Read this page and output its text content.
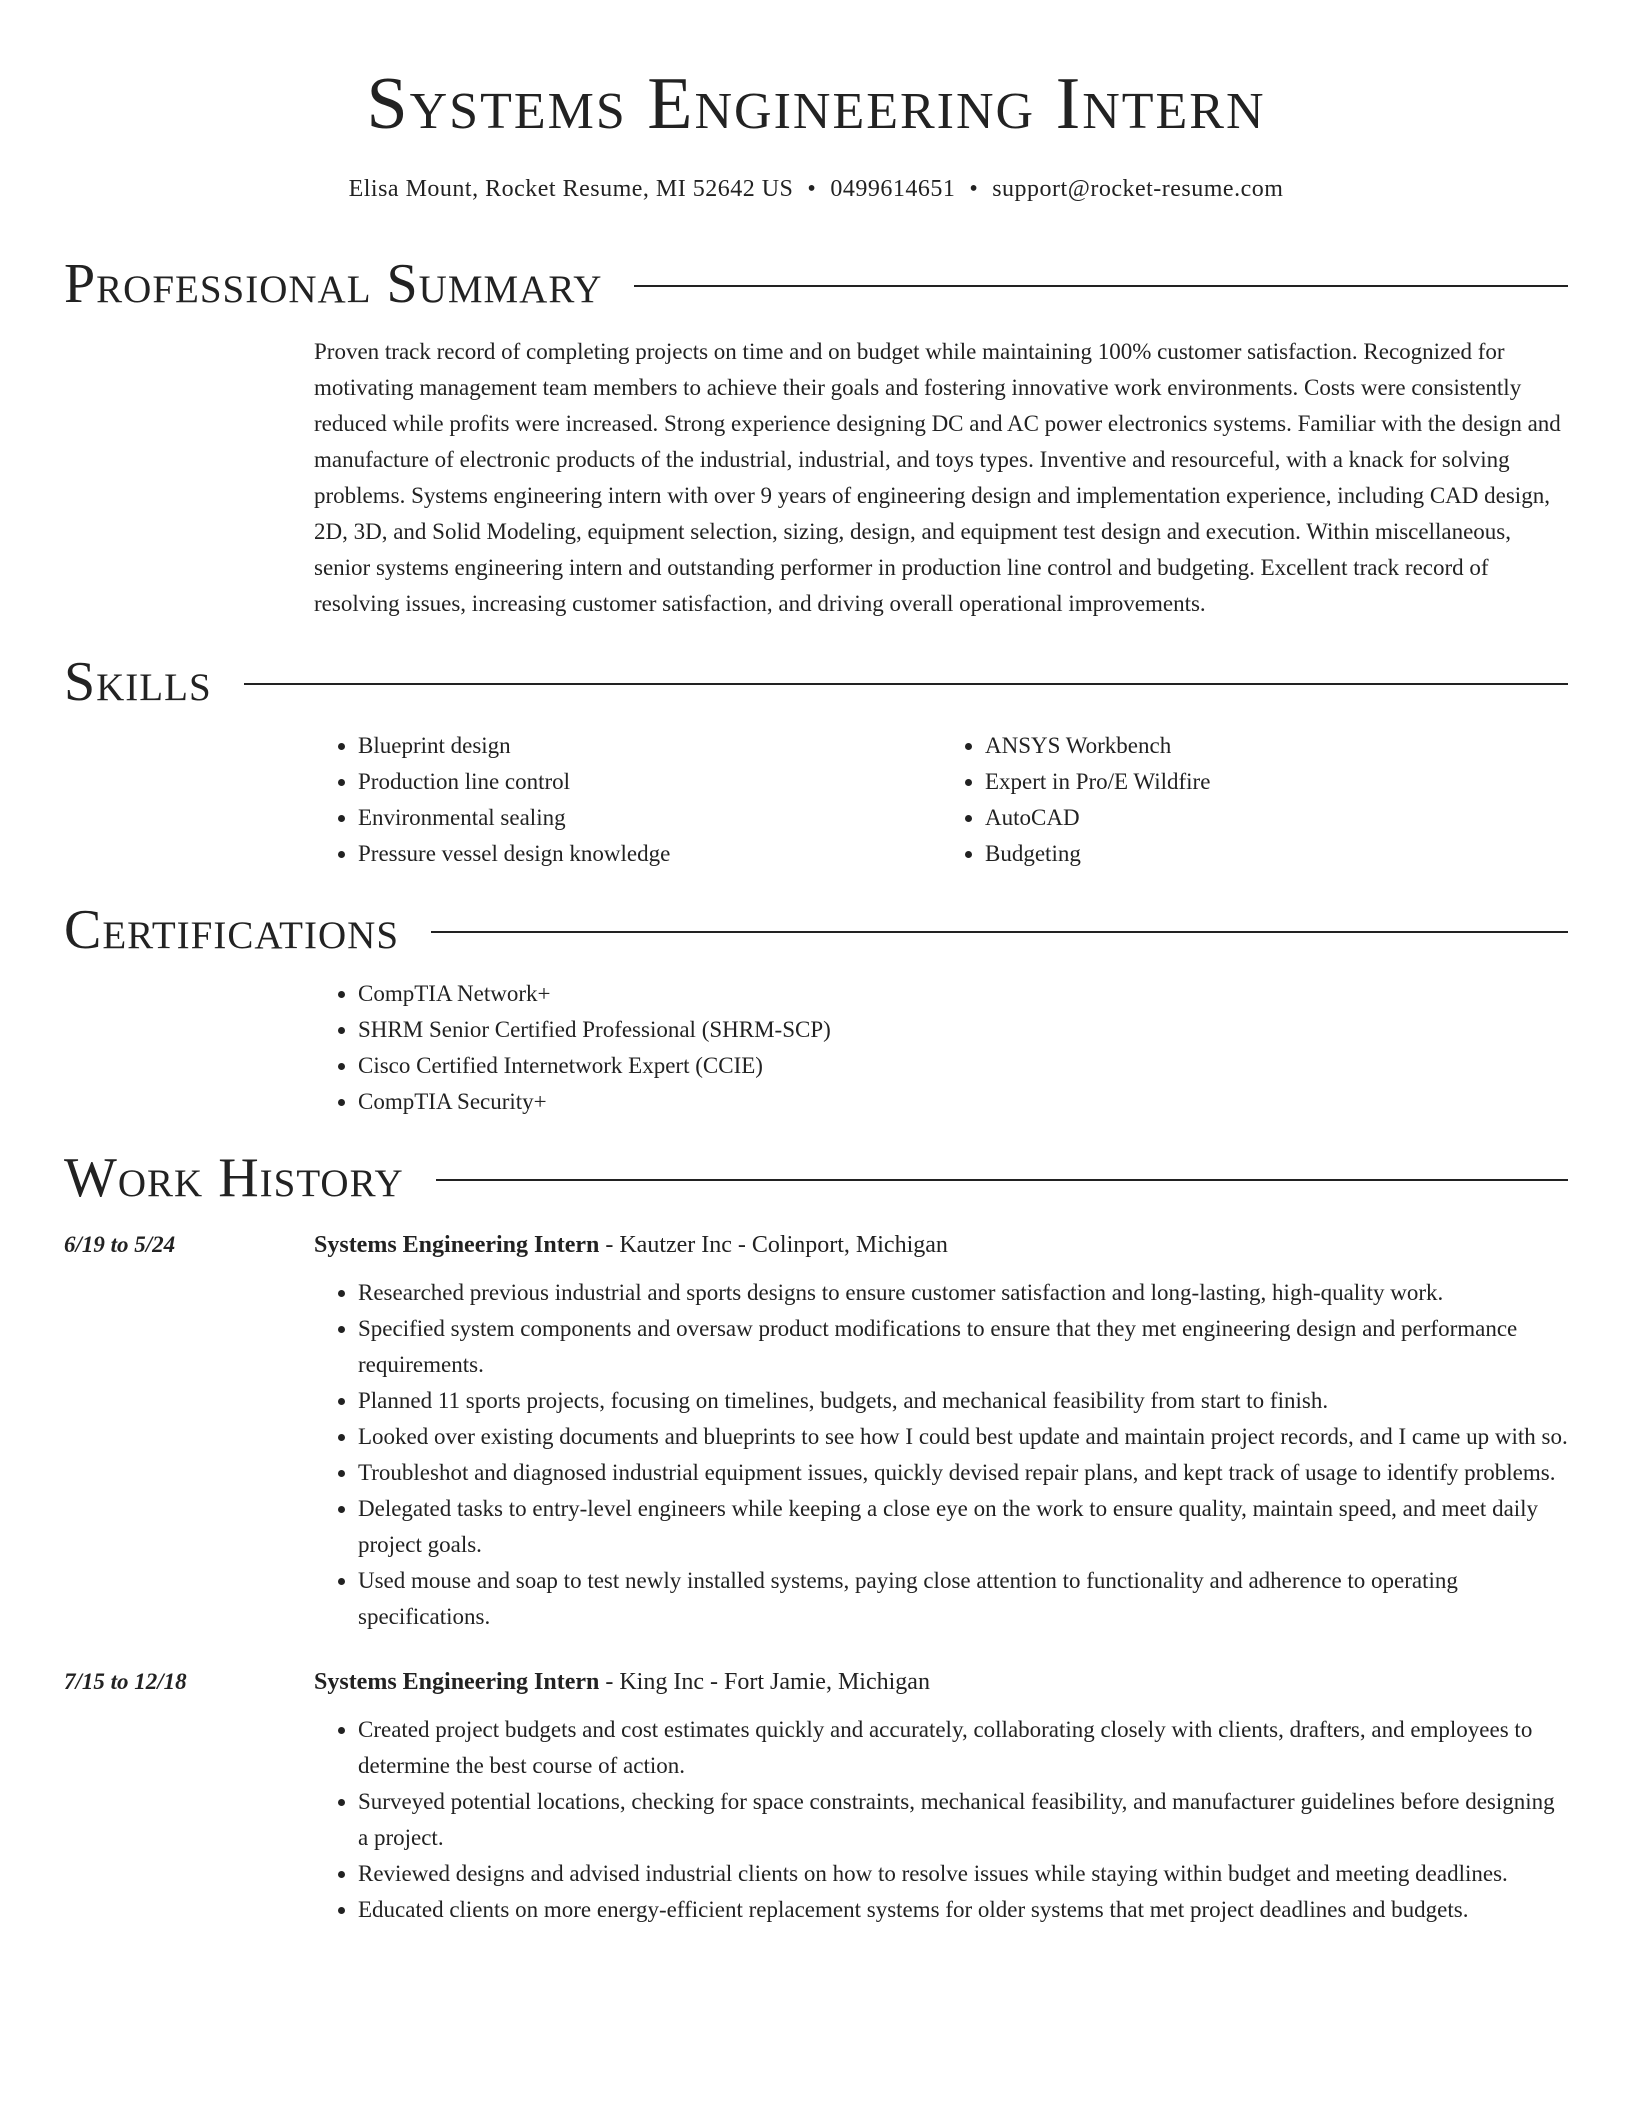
Systems Engineering Intern
Elisa Mount, Rocket Resume, MI 52642 US • 0499614651 • support@rocket-resume.com
Professional Summary

Proven track record of completing projects on time and on budget while maintaining 100% customer satisfaction. Recognized for motivating management team members to achieve their goals and fostering innovative work environments. Costs were consistently reduced while profits were increased. Strong experience designing DC and AC power electronics systems. Familiar with the design and manufacture of electronic products of the industrial, industrial, and toys types. Inventive and resourceful, with a knack for solving problems. Systems engineering intern with over 9 years of engineering design and implementation experience, including CAD design, 2D, 3D, and Solid Modeling, equipment selection, sizing, design, and equipment test design and execution. Within miscellaneous, senior systems engineering intern and outstanding performer in production line control and budgeting. Excellent track record of resolving issues, increasing customer satisfaction, and driving overall operational improvements.

Skills
• Blueprint design
• Production line control
• Environmental sealing
• Pressure vessel design knowledge
• ANSYS Workbench
• Expert in Pro/E Wildfire
• AutoCAD
• Budgeting
Certifications
• CompTIA Network+
• SHRM Senior Certified Professional (SHRM-SCP)
• Cisco Certified Internetwork Expert (CCIE)
• CompTIA Security+
Work History
6/19 to 5/24	Systems Engineering Intern - Kautzer Inc - Colinport, Michigan
• Researched previous industrial and sports designs to ensure customer satisfaction and long-lasting, high-quality work.
• Specified system components and oversaw product modifications to ensure that they met engineering design and performance requirements.
• Planned 11 sports projects, focusing on timelines, budgets, and mechanical feasibility from start to finish.
• Looked over existing documents and blueprints to see how I could best update and maintain project records, and I came up with so.
• Troubleshot and diagnosed industrial equipment issues, quickly devised repair plans, and kept track of usage to identify problems.
• Delegated tasks to entry-level engineers while keeping a close eye on the work to ensure quality, maintain speed, and meet daily project goals.
• Used mouse and soap to test newly installed systems, paying close attention to functionality and adherence to operating specifications.
7/15 to 12/18	Systems Engineering Intern - King Inc - Fort Jamie, Michigan
• Created project budgets and cost estimates quickly and accurately, collaborating closely with clients, drafters, and employees to determine the best course of action.
• Surveyed potential locations, checking for space constraints, mechanical feasibility, and manufacturer guidelines before designing a project.
• Reviewed designs and advised industrial clients on how to resolve issues while staying within budget and meeting deadlines.
• Educated clients on more energy-efficient replacement systems for older systems that met project deadlines and budgets.
